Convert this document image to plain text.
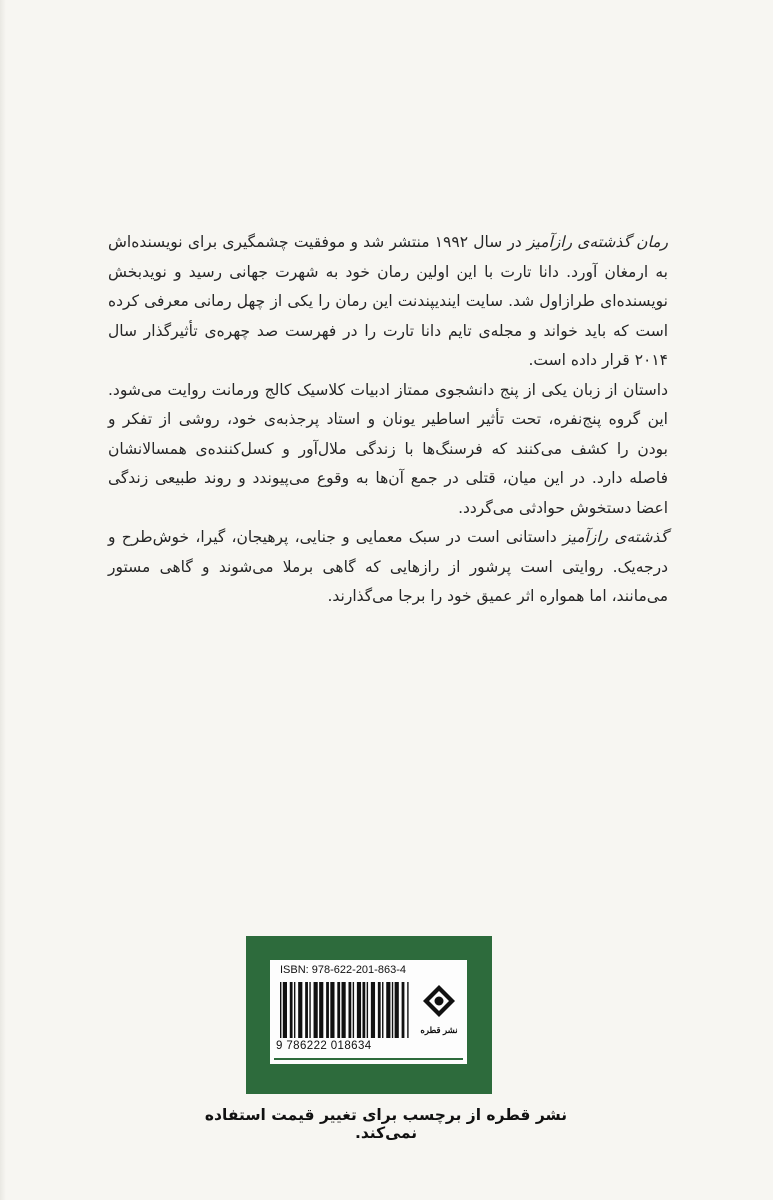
رمان گذشته‌ی رازآمیز در سال ۱۹۹۲ منتشر شد و موفقیت چشمگیری برای نویسنده‌اش به ارمغان آورد. دانا تارت با این اولین رمان خود به شهرت جهانی رسید و نوید‌بخش نویسنده‌ای طرازاول شد. سایت ایندیپندنت این رمان را یکی از چهل رمانی معرفی کرده است که باید خواند و مجله‌ی تایم دانا تارت را در فهرست صد چهره‌ی تأثیرگذار سال ۲۰۱۴ قرار داده است.

داستان از زبان یکی از پنج دانشجوی ممتاز ادبیات کلاسیک کالج ورمانت روایت می‌شود. این گروه پنج‌نفره، تحت تأثیر اساطیر یونان و استاد پرجذبه‌ی خود، روشی از تفکر و بودن را کشف می‌کنند که فرسنگ‌ها با زندگی ملال‌آور و کسل‌کننده‌ی همسالانشان فاصله دارد. در این میان، قتلی در جمع آن‌ها به وقوع می‌پیوندد و روند طبیعی زندگی اعضا دستخوش حوادثی می‌گردد.

گذشته‌ی رازآمیز داستانی است در سبک معمایی و جنایی، پرهیجان، گیرا، خوش‌طرح و درجه‌یک. روایتی است پرشور از رازهایی که گاهی برملا می‌شوند و گاهی مستور می‌مانند، اما همواره اثر عمیق خود را برجا می‌گذارند.

ISBN: 978-622-201-863-4
9 786222 018634
نشر قطره
نشر قطره از برچسب برای تغییر قیمت استفاده نمی‌کند.
